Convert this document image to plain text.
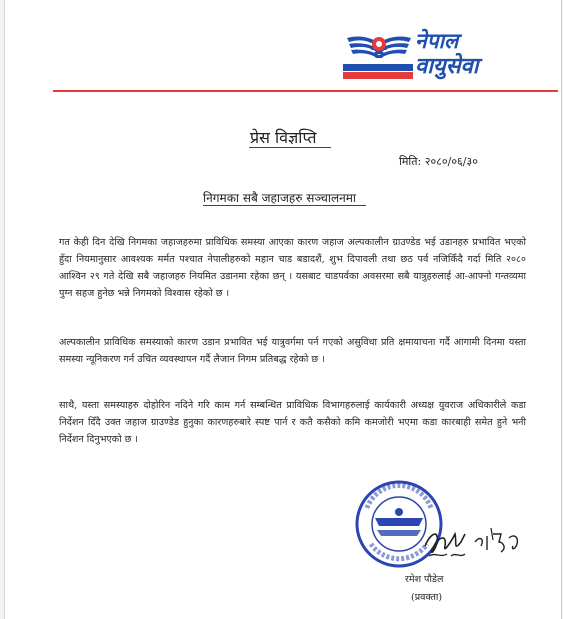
नेपाल
वायुसेवा
प्रेस विज्ञप्ति
मिति: २०८०/०६/३०
निगमका सबै जहाजहरु सञ्चालनमा
गत केही दिन देखि निगमका जहाजहरुमा प्राविधिक समस्या आएका कारण जहाज अल्पकालीन ग्राउण्डेड भई उडानहरु प्रभावित भएको हुँदा नियमानुसार आवश्यक मर्मत पश्चात नेपालीहरुको महान चाड बडादशैं, शुभ दिपावली तथा छठ पर्व नजिकिँदै गर्दा मिति २०८० आश्विन २९ गते देखि सबै जहाजहरु नियमित उडानमा रहेका छन् । यसबाट चाडपर्वका अवसरमा सबै यात्रुहरुलाई आ-आफ्नो गन्तव्यमा पुग्न सहज हुनेछ भन्ने निगमको विश्वास रहेको छ ।
अल्पकालीन प्राविधिक समस्याको कारण उडान प्रभावित भई यात्रुवर्गमा पर्न गएको असुविधा प्रति क्षमायाचना गर्दै आगामी दिनमा यस्ता समस्या न्यूनिकरण गर्न उचित व्यवस्थापन गर्दै लैजान निगम प्रतिबद्ध रहेको छ ।
साथै, यस्ता समस्याहरु दोहोरिन नदिने गरि काम गर्न सम्बन्धित प्राविधिक विभागहरुलाई कार्यकारी अध्यक्ष युवराज अधिकारीले कडा निर्देशन दिँदै उक्त जहाज ग्राउण्डेड हुनुका कारणहरुबारे स्पष्ट पार्न र कतै कसैको कमि कमजोरी भएमा कडा कारबाही समेत हुने भनी निर्देशन दिनुभएको छ ।
रमेश पौडेल
(प्रवक्ता)
